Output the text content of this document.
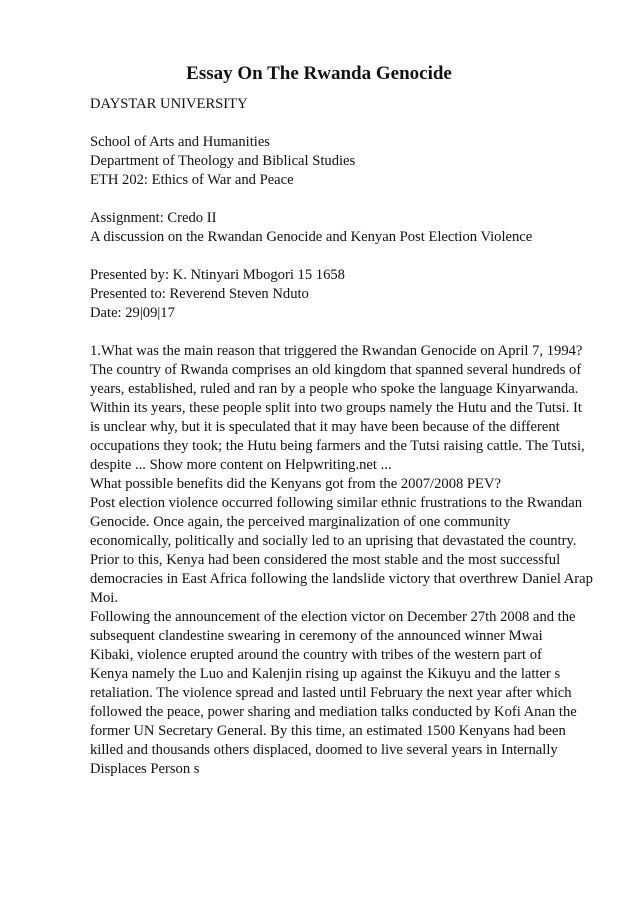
Essay On The Rwanda Genocide
DAYSTAR UNIVERSITY
School of Arts and Humanities
Department of Theology and Biblical Studies
ETH 202: Ethics of War and Peace
Assignment: Credo II
A discussion on the Rwandan Genocide and Kenyan Post Election Violence
Presented by: K. Ntinyari Mbogori 15 1658
Presented to: Reverend Steven Nduto
Date: 29|09|17
1.What was the main reason that triggered the Rwandan Genocide on April 7, 1994?
The country of Rwanda comprises an old kingdom that spanned several hundreds of
years, established, ruled and ran by a people who spoke the language Kinyarwanda.
Within its years, these people split into two groups namely the Hutu and the Tutsi. It
is unclear why, but it is speculated that it may have been because of the different
occupations they took; the Hutu being farmers and the Tutsi raising cattle. The Tutsi,
despite ... Show more content on Helpwriting.net ...
What possible benefits did the Kenyans got from the 2007/2008 PEV?
Post election violence occurred following similar ethnic frustrations to the Rwandan
Genocide. Once again, the perceived marginalization of one community
economically, politically and socially led to an uprising that devastated the country.
Prior to this, Kenya had been considered the most stable and the most successful
democracies in East Africa following the landslide victory that overthrew Daniel Arap
Moi.
Following the announcement of the election victor on December 27th 2008 and the
subsequent clandestine swearing in ceremony of the announced winner Mwai
Kibaki, violence erupted around the country with tribes of the western part of
Kenya namely the Luo and Kalenjin rising up against the Kikuyu and the latter s
retaliation. The violence spread and lasted until February the next year after which
followed the peace, power sharing and mediation talks conducted by Kofi Anan the
former UN Secretary General. By this time, an estimated 1500 Kenyans had been
killed and thousands others displaced, doomed to live several years in Internally
Displaces Person s
